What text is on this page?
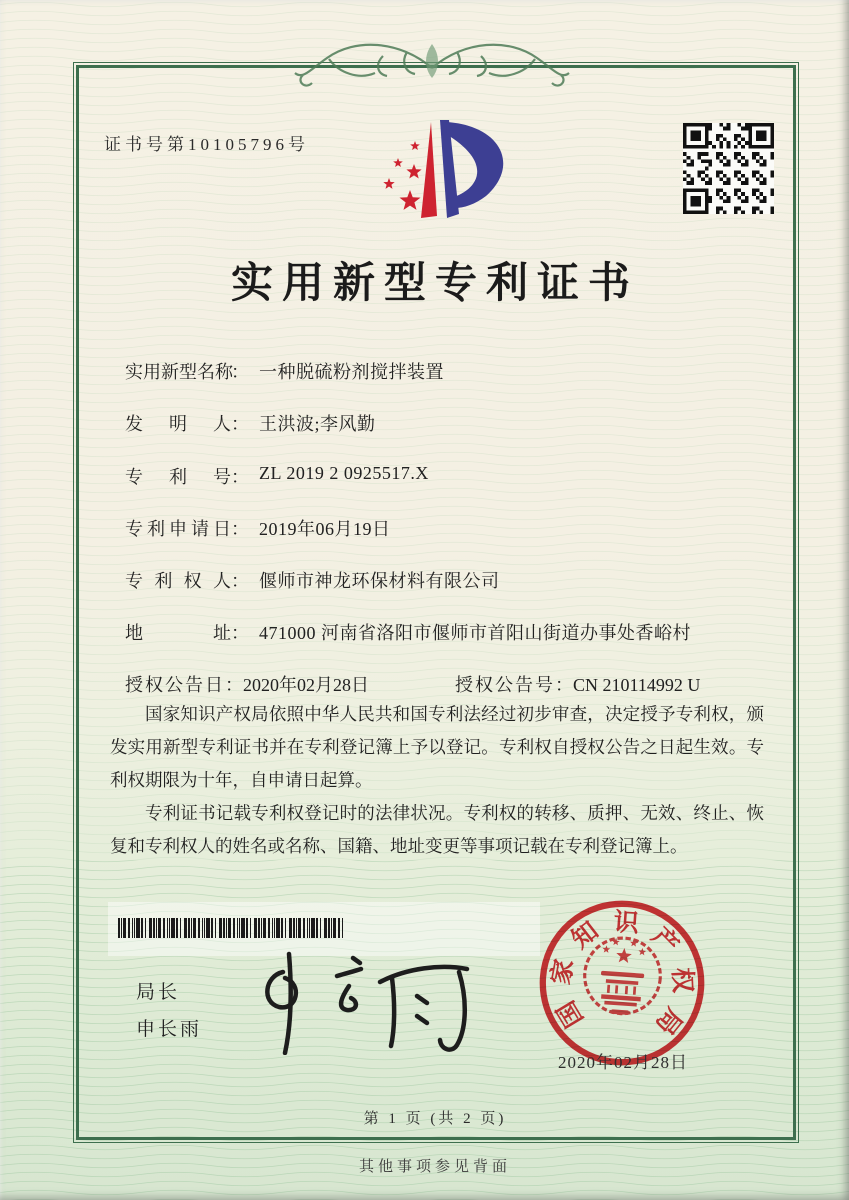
证书号第10105796号
实用新型专利证书
实用新型名称： 一种脱硫粉剂搅拌装置
发明人： 王洪波;李风勤
专利号： ZL 2019 2 0925517.X
专利申请日： 2019年06月19日
专利权人： 偃师市神龙环保材料有限公司
地址： 471000 河南省洛阳市偃师市首阳山街道办事处香峪村
授权公告日：2020年02月28日	授权公告号：CN 210114992 U

国家知识产权局依照中华人民共和国专利法经过初步审查，决定授予专利权，颁发实用新型专利证书并在专利登记簿上予以登记。专利权自授权公告之日起生效。专利权期限为十年，自申请日起算。

专利证书记载专利权登记时的法律状况。专利权的转移、质押、无效、终止、恢复和专利权人的姓名或名称、国籍、地址变更等事项记载在专利登记簿上。

局长
申长雨	国
家
知 识 产
权
局
2020年02月28日
第 1 页 (共 2 页)
其他事项参见背面
